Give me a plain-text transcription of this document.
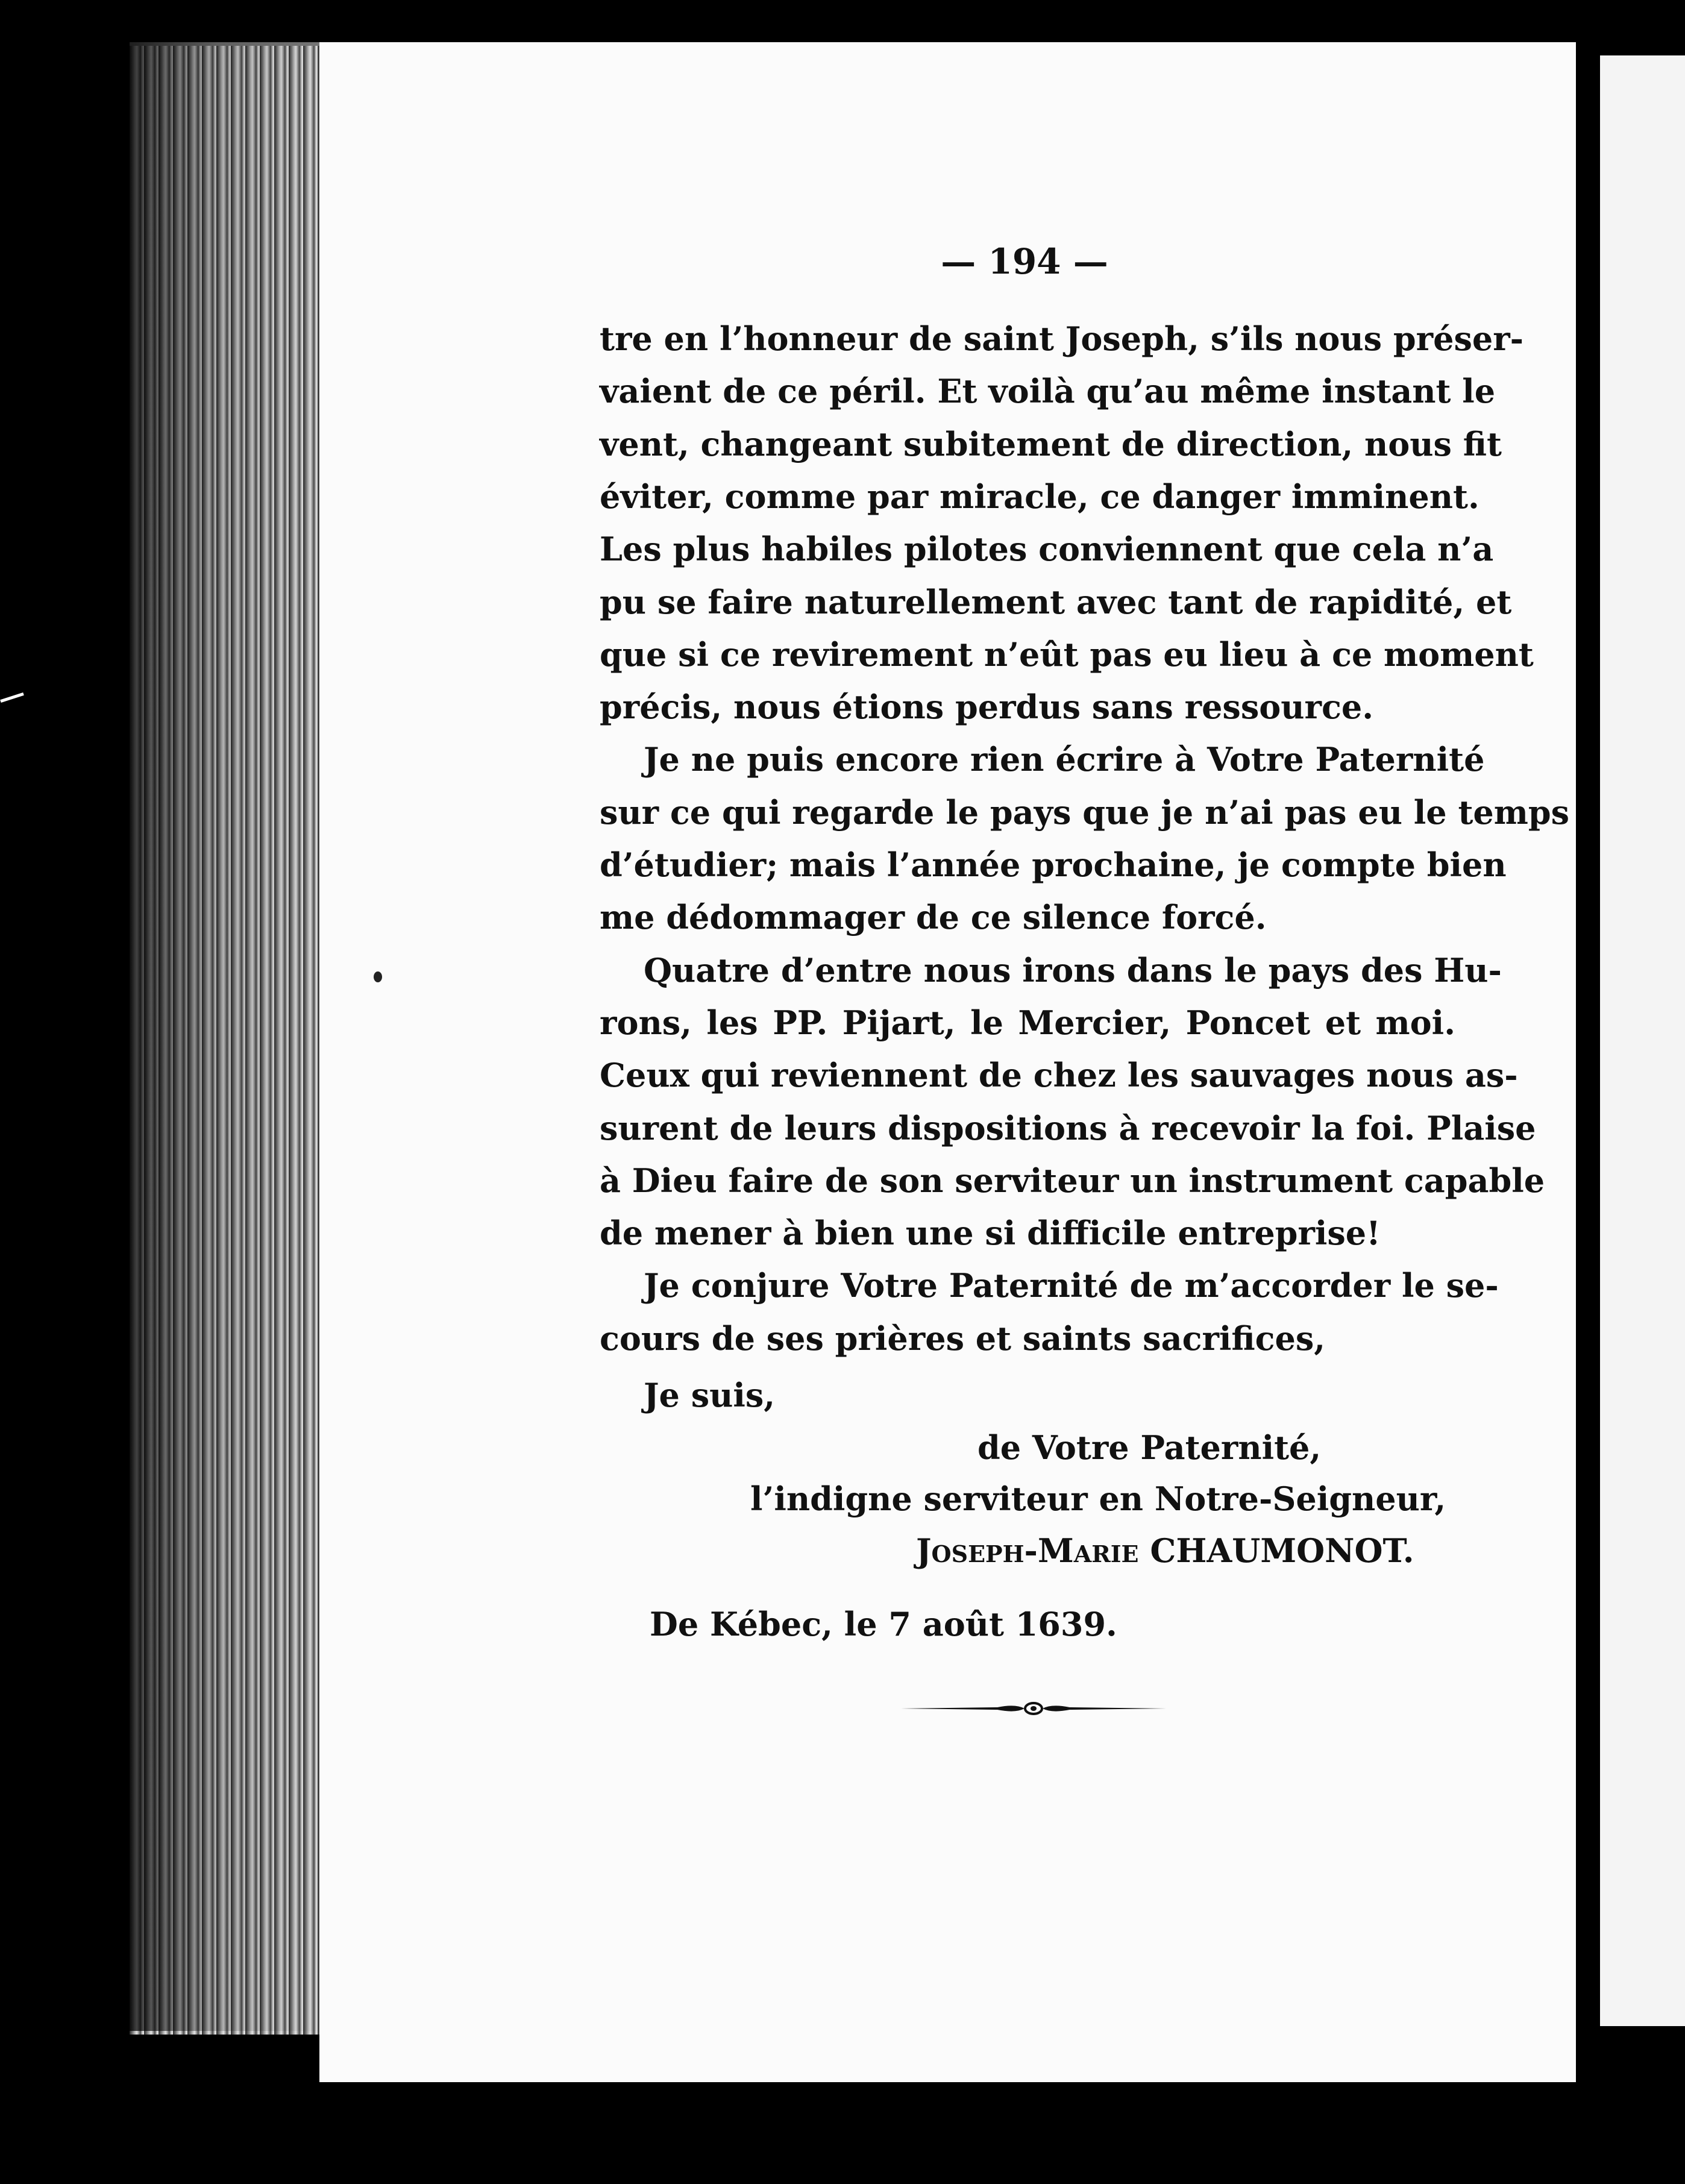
— 194 —
tre en l’honneur de saint Joseph, s’ils nous préser-
vaient de ce péril. Et voilà qu’au même instant le
vent, changeant subitement de direction, nous fit
éviter, comme par miracle, ce danger imminent.
Les plus habiles pilotes conviennent que cela n’a
pu se faire naturellement avec tant de rapidité, et
que si ce revirement n’eût pas eu lieu à ce moment
précis, nous étions perdus sans ressource.
Je ne puis encore rien écrire à Votre Paternité
sur ce qui regarde le pays que je n’ai pas eu le temps
d’étudier; mais l’année prochaine, je compte bien
me dédommager de ce silence forcé.
Quatre d’entre nous irons dans le pays des Hu-
rons, les PP. Pijart, le Mercier, Poncet et moi.
Ceux qui reviennent de chez les sauvages nous as-
surent de leurs dispositions à recevoir la foi. Plaise
à Dieu faire de son serviteur un instrument capable
de mener à bien une si difficile entreprise!
Je conjure Votre Paternité de m’accorder le se-
cours de ses prières et saints sacrifices,
Je suis,
de Votre Paternité,
l’indigne serviteur en Notre-Seigneur,
Joseph-Marie CHAUMONOT.
De Kébec, le 7 août 1639.
